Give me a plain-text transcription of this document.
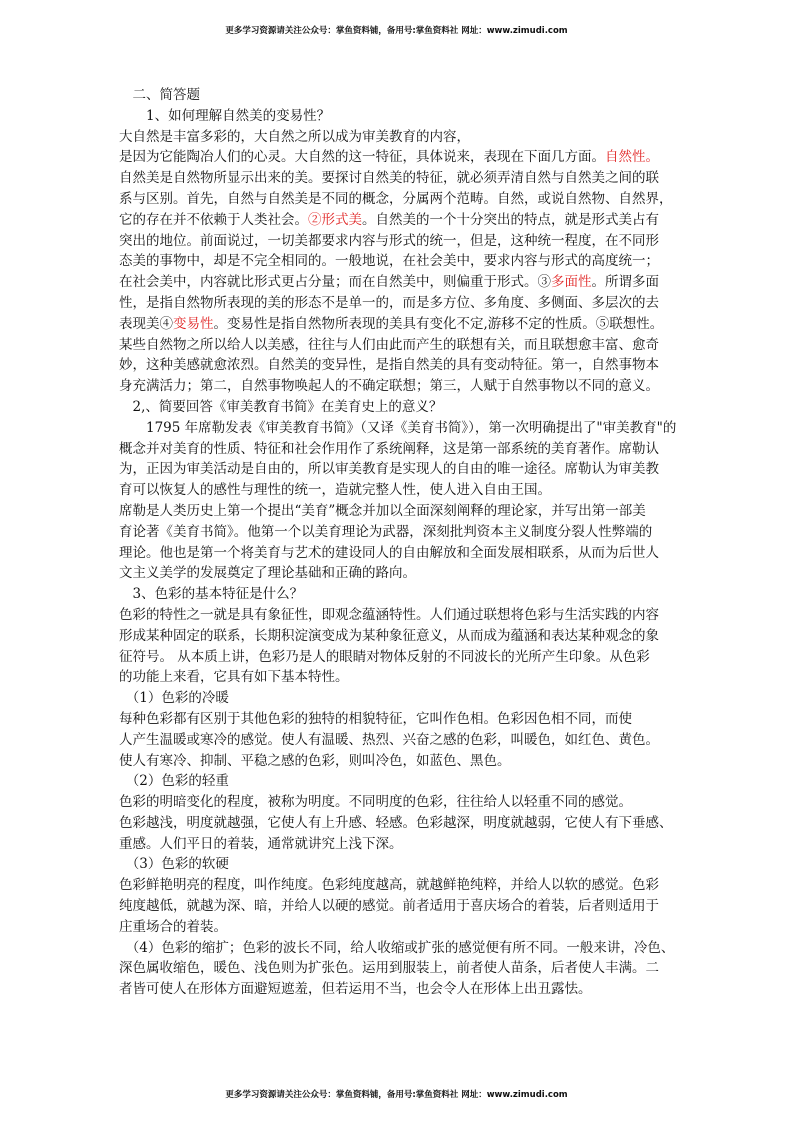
更多学习资源请关注公众号：掌鱼资料铺，备用号:掌鱼资料社 网址：www.zimudi.com
　二、简答题
　　1、如何理解自然美的变易性？
大自然是丰富多彩的，大自然之所以成为审美教育的内容，
是因为它能陶冶人们的心灵。大自然的这一特征，具体说来，表现在下面几方面。自然性。
自然美是自然物所显示出来的美。要探讨自然美的特征，就必须弄清自然与自然美之间的联
系与区别。首先，自然与自然美是不同的概念，分属两个范畴。自然，或说自然物、自然界，
它的存在并不依赖于人类社会。②形式美。自然美的一个十分突出的特点，就是形式美占有
突出的地位。前面说过，一切美都要求内容与形式的统一，但是，这种统一程度，在不同形
态美的事物中，却是不完全相同的。一般地说，在社会美中，要求内容与形式的高度统一；
在社会美中，内容就比形式更占分量；而在自然美中，则偏重于形式。③多面性。所谓多面
性，是指自然物所表现的美的形态不是单一的，而是多方位、多角度、多侧面、多层次的去
表现美④变易性。变易性是指自然物所表现的美具有变化不定,游移不定的性质。⑤联想性。
某些自然物之所以给人以美感，往往与人们由此而产生的联想有关，而且联想愈丰富、愈奇
妙，这种美感就愈浓烈。自然美的变异性，是指自然美的具有变动特征。第一，自然事物本
身充满活力；第二，自然事物唤起人的不确定联想；第三，人赋于自然事物以不同的意义。
　2,、简要回答《审美教育书简》在美育史上的意义？
　　1795 年席勒发表《审美教育书简》（又译《美育书简》），第一次明确提出了"审美教育"的
概念并对美育的性质、特征和社会作用作了系统阐释，这是第一部系统的美育著作。席勒认
为，正因为审美活动是自由的，所以审美教育是实现人的自由的唯一途径。席勒认为审美教
育可以恢复人的感性与理性的统一，造就完整人性，使人进入自由王国。
席勒是人类历史上第一个提出“美育”概念并加以全面深刻阐释的理论家，并写出第一部美
育论著《美育书简》。他第一个以美育理论为武器，深刻批判资本主义制度分裂人性弊端的
理论。他也是第一个将美育与艺术的建设同人的自由解放和全面发展相联系，从而为后世人
文主义美学的发展奠定了理论基础和正确的路向。
　3、色彩的基本特征是什么？
色彩的特性之一就是具有象征性，即观念蕴涵特性。人们通过联想将色彩与生活实践的内容
形成某种固定的联系，长期积淀演变成为某种象征意义，从而成为蕴涵和表达某种观念的象
征符号。 从本质上讲，色彩乃是人的眼睛对物体反射的不同波长的光所产生印象。从色彩
的功能上来看，它具有如下基本特性。
　（1）色彩的冷暖
每种色彩都有区别于其他色彩的独特的相貌特征，它叫作色相。色彩因色相不同，而使
人产生温暖或寒冷的感觉。使人有温暖、热烈、兴奋之感的色彩，叫暖色，如红色、黄色。
使人有寒冷、抑制、平稳之感的色彩，则叫冷色，如蓝色、黑色。
　（2）色彩的轻重
色彩的明暗变化的程度，被称为明度。不同明度的色彩，往往给人以轻重不同的感觉。
色彩越浅，明度就越强，它使人有上升感、轻感。色彩越深，明度就越弱，它使人有下垂感、
重感。人们平日的着装，通常就讲究上浅下深。
　（3）色彩的软硬
色彩鲜艳明亮的程度，叫作纯度。色彩纯度越高，就越鲜艳纯粹，并给人以软的感觉。色彩
纯度越低，就越为深、暗，并给人以硬的感觉。前者适用于喜庆场合的着装，后者则适用于
庄重场合的着装。
　（4）色彩的缩扩；色彩的波长不同，给人收缩或扩张的感觉便有所不同。一般来讲，冷色、
深色属收缩色，暖色、浅色则为扩张色。运用到服装上，前者使人苗条，后者使人丰满。二
者皆可使人在形体方面避短遮羞，但若运用不当，也会令人在形体上出丑露怯。
更多学习资源请关注公众号：掌鱼资料铺，备用号:掌鱼资料社 网址：www.zimudi.com
